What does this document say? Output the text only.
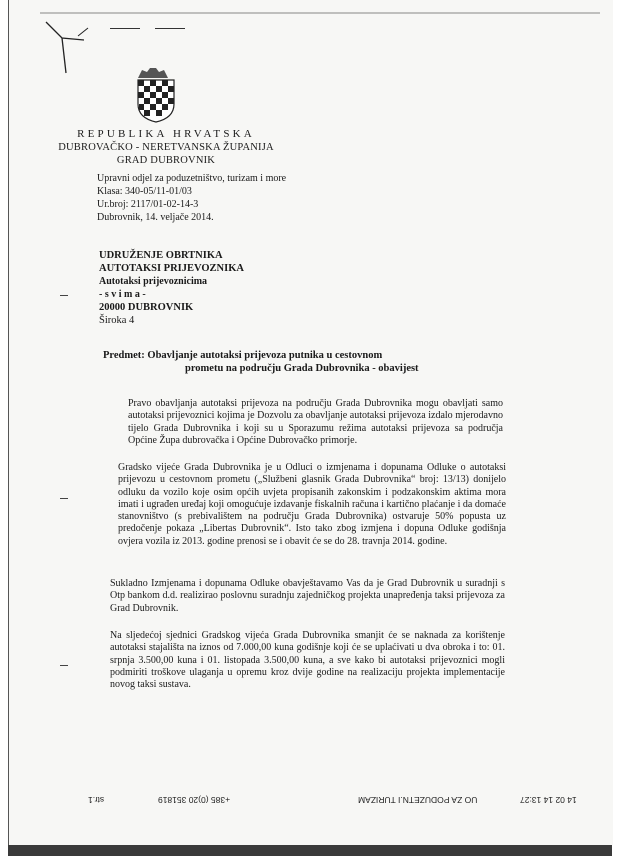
REPUBLIKA HRVATSKA
DUBROVAČKO - NERETVANSKA ŽUPANIJA
GRAD DUBROVNIK
Upravni odjel za poduzetništvo, turizam i more
Klasa: 340-05/11-01/03
Ur.broj: 2117/01-02-14-3
Dubrovnik, 14. veljače 2014.
UDRUŽENJE OBRTNIKA
AUTOTAKSI PRIJEVOZNIKA
Autotaksi prijevoznicima
- s v i m a -
20000 DUBROVNIK
Široka 4
Predmet: Obavljanje autotaksi prijevoza putnika u cestovnom
prometu na području Grada Dubrovnika - obavijest
Pravo obavljanja autotaksi prijevoza na području Grada Dubrovnika mogu obavljati samo autotaksi prijevoznici kojima je Dozvolu za obavljanje autotaksi prijevoza izdalo mjerodavno tijelo Grada Dubrovnika i koji su u Sporazumu režima autotaksi prijevoza sa područja Općine Župa dubrovačka i Općine Dubrovačko primorje.
Gradsko vijeće Grada Dubrovnika je u Odluci o izmjenama i dopunama Odluke o autotaksi prijevozu u cestovnom prometu („Službeni glasnik Grada Dubrovnika“ broj: 13/13) donijelo odluku da vozilo koje osim općih uvjeta propisanih zakonskim i podzakonskim aktima mora imati i ugrađen uređaj koji omogućuje izdavanje fiskalnih računa i kartično plaćanje i da domaće stanovništvo (s prebivalištem na području Grada Dubrovnika) ostvaruje 50% popusta uz predočenje pokaza „Libertas Dubrovnik“. Isto tako zbog izmjena i dopuna Odluke godišnja ovjera vozila iz 2013. godine prenosi se i obavit će se do 28. travnja 2014. godine.
Sukladno Izmjenama i dopunama Odluke obavještavamo Vas da je Grad Dubrovnik u suradnji s Otp bankom d.d. realizirao poslovnu suradnju zajedničkog projekta unapređenja taksi prijevoza za Grad Dubrovnik.
Na sljedećoj sjednici Gradskog vijeća Grada Dubrovnika smanjit će se naknada za korištenje autotaksi stajališta na iznos od 7.000,00 kuna godišnje koji će se uplaćivati u dva obroka i to: 01. srpnja 3.500,00 kuna i 01. listopada 3.500,00 kuna, a sve kako bi autotaksi prijevoznici mogli podmiriti troškove ulaganja u opremu kroz dvije godine na realizaciju projekta implementacije novog taksi sustava.
str.1	+385 (0)20 351819	UO ZA PODUZETN.I TURIZAM	14 02 14 13:27
